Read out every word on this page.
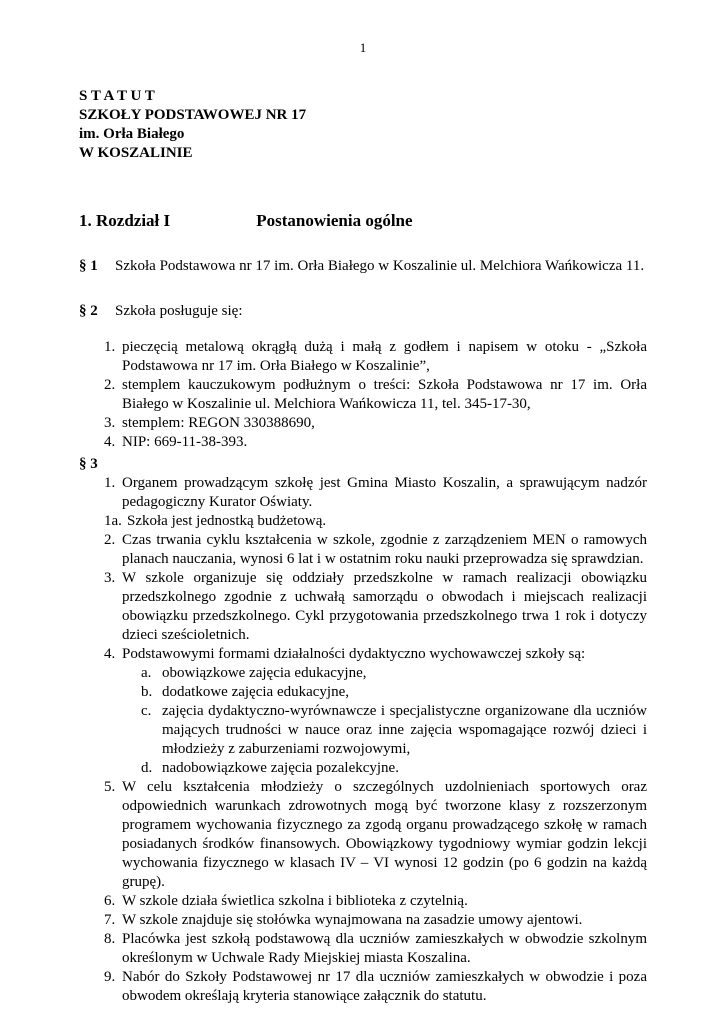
1
S T A T U T
SZKOŁY PODSTAWOWEJ NR 17
im. Orła Białego
W KOSZALINIE
1. Rozdział I	Postanowienia ogólne
§ 1	Szkoła Podstawowa nr 17 im. Orła Białego w Koszalinie ul. Melchiora Wańkowicza 11.
§ 2	Szkoła posługuje się:
1. pieczęcią metalową okrągłą dużą i małą z godłem i napisem w otoku - „Szkoła Podstawowa nr 17 im. Orła Białego w Koszalinie”,
2. stemplem kauczukowym podłużnym o treści: Szkoła Podstawowa nr 17 im. Orła Białego w Koszalinie ul. Melchiora Wańkowicza 11, tel. 345-17-30,
3. stemplem: REGON 330388690,
4. NIP: 669-11-38-393.
§ 3
1. Organem prowadzącym szkołę jest Gmina Miasto Koszalin, a sprawującym nadzór pedagogiczny Kurator Oświaty.
1a. Szkoła jest jednostką budżetową.
2. Czas trwania cyklu kształcenia w szkole, zgodnie z zarządzeniem MEN o ramowych planach nauczania, wynosi 6 lat i w ostatnim roku nauki przeprowadza się sprawdzian.
3. W szkole organizuje się oddziały przedszkolne w ramach realizacji obowiązku przedszkolnego zgodnie z uchwałą samorządu o obwodach i miejscach realizacji obowiązku przedszkolnego. Cykl przygotowania przedszkolnego trwa 1 rok i dotyczy dzieci sześcioletnich.
4. Podstawowymi formami działalności dydaktyczno wychowawczej szkoły są:
a. obowiązkowe zajęcia edukacyjne,
b. dodatkowe zajęcia edukacyjne,
c. zajęcia dydaktyczno-wyrównawcze i specjalistyczne organizowane dla uczniów mających trudności w nauce oraz inne zajęcia wspomagające rozwój dzieci i młodzieży z zaburzeniami rozwojowymi,
d. nadobowiązkowe zajęcia pozalekcyjne.
5. W celu kształcenia młodzieży o szczególnych uzdolnieniach sportowych oraz odpowiednich warunkach zdrowotnych mogą być tworzone klasy z rozszerzonym programem wychowania fizycznego za zgodą organu prowadzącego szkołę w ramach posiadanych środków finansowych. Obowiązkowy tygodniowy wymiar godzin lekcji wychowania fizycznego w klasach IV – VI wynosi 12 godzin (po 6 godzin na każdą grupę).
6. W szkole działa świetlica szkolna i biblioteka z czytelnią.
7. W szkole znajduje się stołówka wynajmowana na zasadzie umowy ajentowi.
8. Placówka jest szkołą podstawową dla uczniów zamieszkałych w obwodzie szkolnym określonym w Uchwale Rady Miejskiej miasta Koszalina.
9. Nabór do Szkoły Podstawowej nr 17 dla uczniów zamieszkałych w obwodzie i poza obwodem określają kryteria stanowiące załącznik do statutu.
